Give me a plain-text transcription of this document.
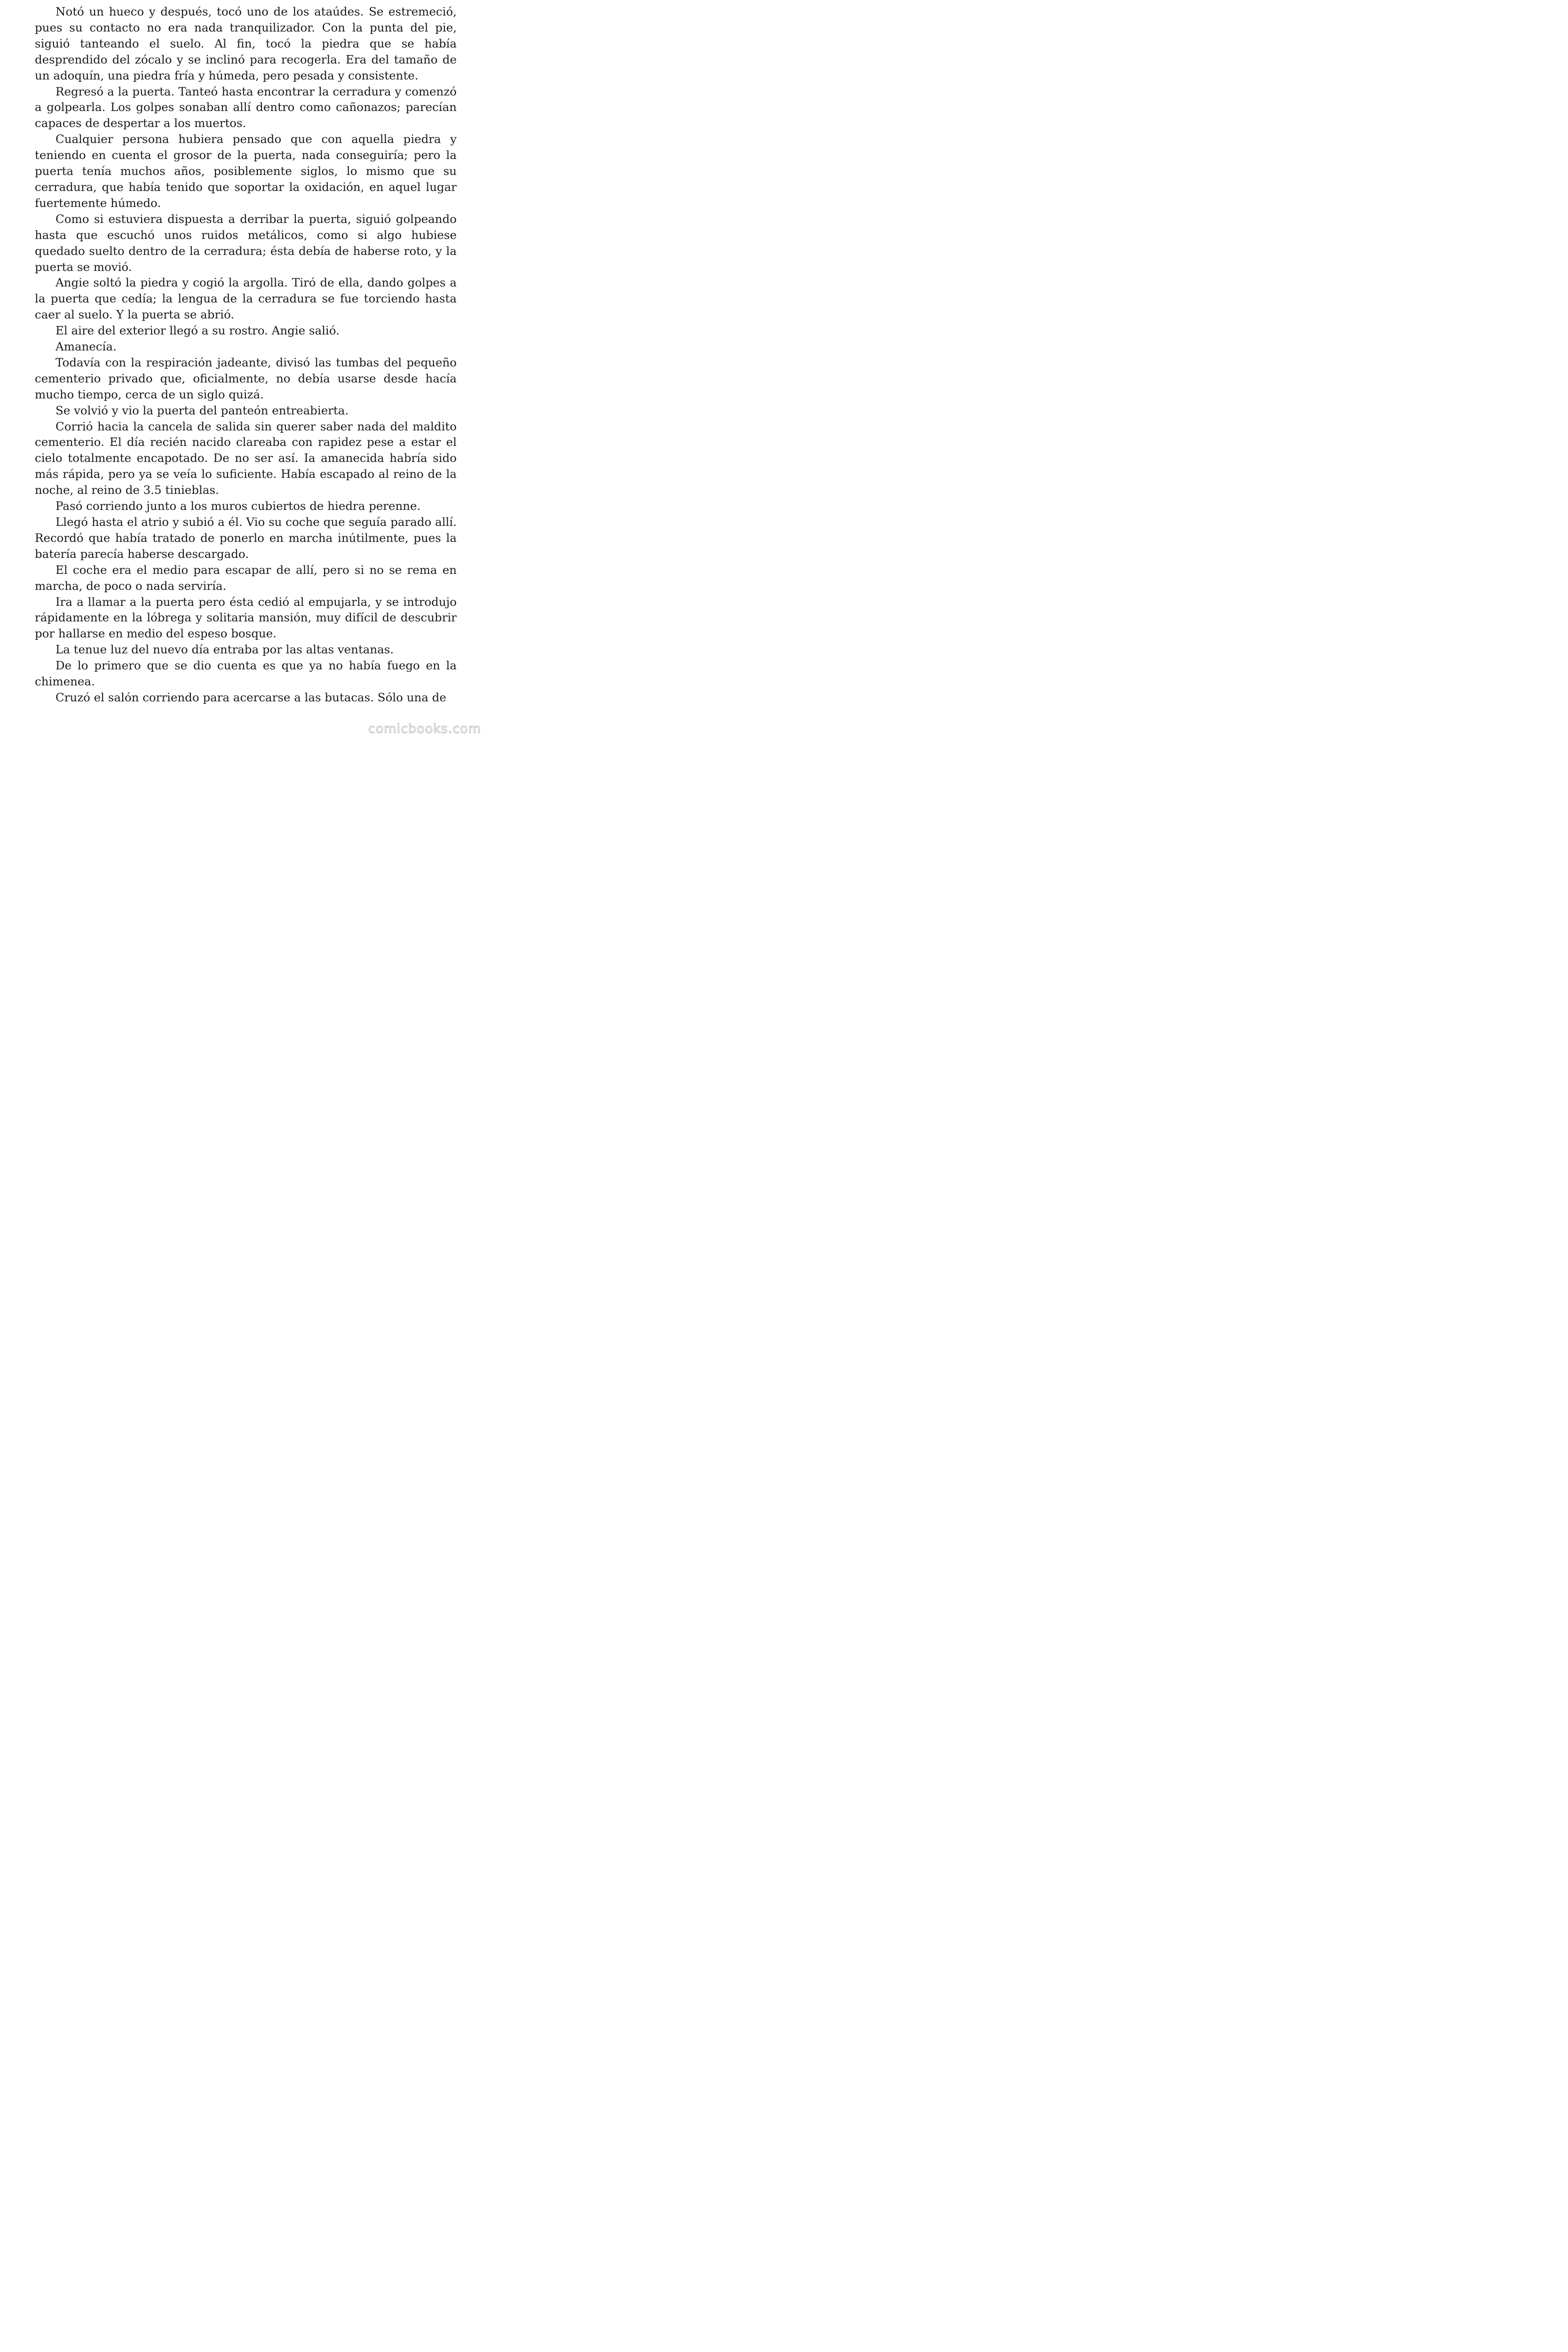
Notó un hueco y después, tocó uno de los ataúdes. Se estremeció, pues su contacto no era nada tranquilizador. Con la punta del pie, siguió tanteando el suelo. Al fin, tocó la piedra que se había desprendido del zócalo y se inclinó para recogerla. Era del tamaño de un adoquín, una piedra fría y húmeda, pero pesada y consistente.

Regresó a la puerta. Tanteó hasta encontrar la cerradura y comenzó a golpearla. Los golpes sonaban allí dentro como cañonazos; parecían capaces de despertar a los muertos.

Cualquier persona hubiera pensado que con aquella piedra y teniendo en cuenta el grosor de la puerta, nada conseguiría; pero la puerta tenía muchos años, posiblemente siglos, lo mismo que su cerradura, que había tenido que soportar la oxidación, en aquel lugar fuertemente húmedo.

Como si estuviera dispuesta a derribar la puerta, siguió golpeando hasta que escuchó unos ruidos metálicos, como si algo hubiese quedado suelto dentro de la cerradura; ésta debía de haberse roto, y la puerta se movió.

Angie soltó la piedra y cogió la argolla. Tiró de ella, dando golpes a la puerta que cedía; la lengua de la cerradura se fue torciendo hasta caer al suelo. Y la puerta se abrió.

El aire del exterior llegó a su rostro. Angie salió.

Amanecía.

Todavía con la respiración jadeante, divisó las tumbas del pequeño cementerio privado que, oficialmente, no debía usarse desde hacía mucho tiempo, cerca de un siglo quizá.

Se volvió y vio la puerta del panteón entreabierta.

Corrió hacia la cancela de salida sin querer saber nada del maldito cementerio. El día recién nacido clareaba con rapidez pese a estar el cielo totalmente encapotado. De no ser así. Ia amanecida habría sido más rápida, pero ya se veía lo suficiente. Había escapado al reino de la noche, al reino de 3.5 tinieblas.

Pasó corriendo junto a los muros cubiertos de hiedra perenne.

Llegó hasta el atrio y subió a él. Vio su coche que seguía parado allí. Recordó que había tratado de ponerlo en marcha inútilmente, pues la batería parecía haberse descargado.

El coche era el medio para escapar de allí, pero si no se rema en marcha, de poco o nada serviría.

Ira a llamar a la puerta pero ésta cedió al empujarla, y se introdujo rápidamente en la lóbrega y solitaria mansión, muy difícil de descubrir por hallarse en medio del espeso bosque.

La tenue luz del nuevo día entraba por las altas ventanas.

De lo primero que se dio cuenta es que ya no había fuego en la chimenea.

Cruzó el salón corriendo para acercarse a las butacas. Sólo una de

comicbooks.com
